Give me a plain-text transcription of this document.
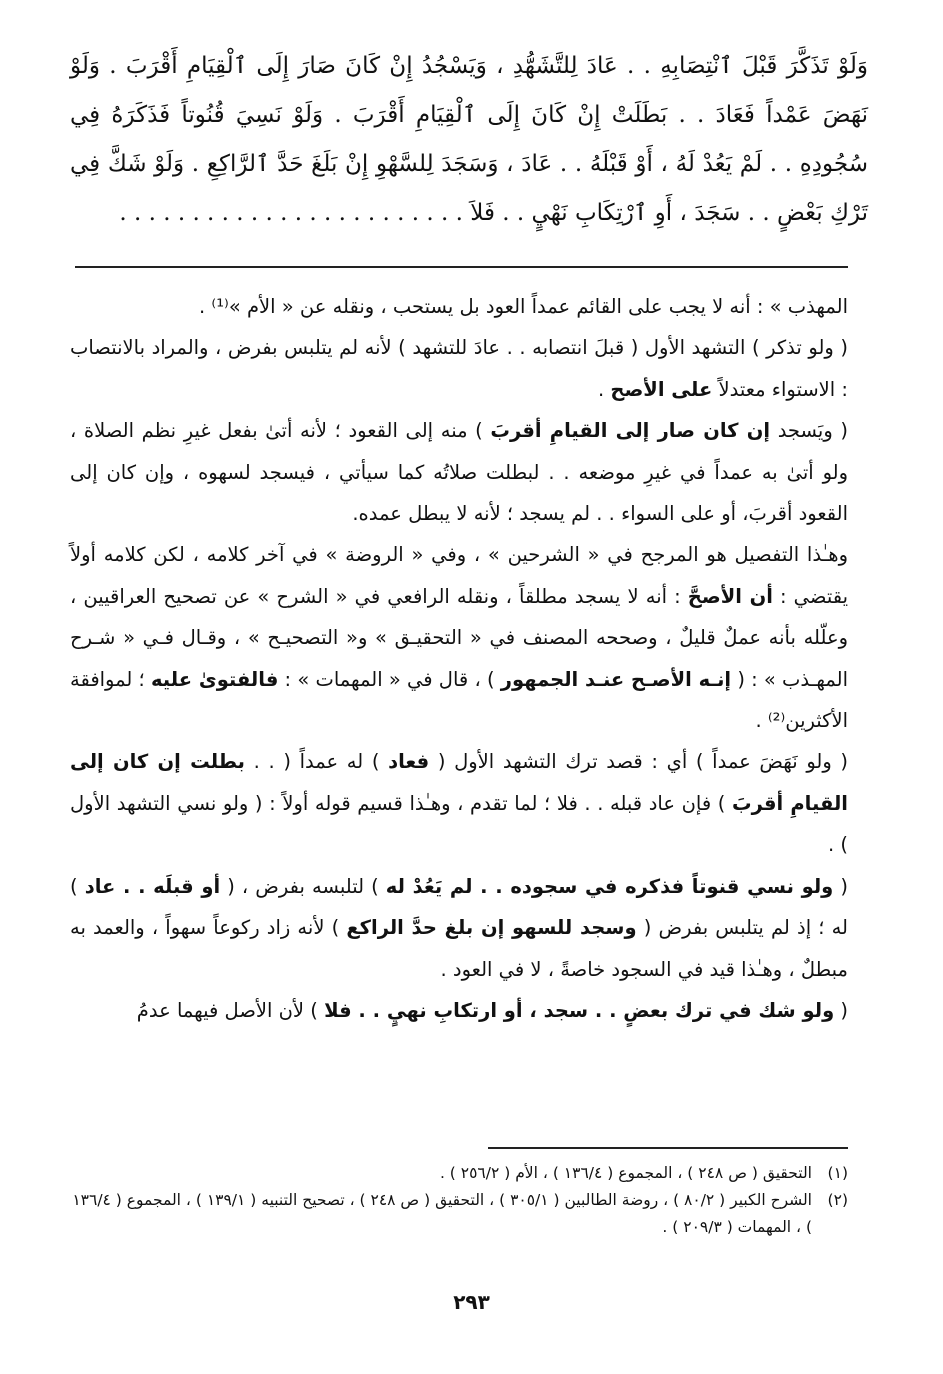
وَلَوْ تَذَكَّرَ قَبْلَ ٱنْتِصَابِهِ . . عَادَ لِلتَّشَهُّدِ ، وَيَسْجُدُ إِنْ كَانَ صَارَ إِلَى ٱلْقِيَامِ أَقْرَبَ . وَلَوْ نَهَضَ عَمْداً فَعَادَ . . بَطَلَتْ إِنْ كَانَ إِلَى ٱلْقِيَامِ أَقْرَبَ . وَلَوْ نَسِيَ قُنُوتاً فَذَكَرَهُ فِي سُجُودِهِ . . لَمْ يَعُدْ لَهُ ، أَوْ قَبْلَهُ . . عَادَ ، وَسَجَدَ لِلسَّهْوِ إِنْ بَلَغَ حَدَّ ٱلرَّاكِعِ . وَلَوْ شَكَّ فِي تَرْكِ بَعْضٍ . . سَجَدَ ، أَوِ ٱرْتِكَابِ نَهْيٍ . . فَلاَ . . . . . . . . . . . . . . . . . . . . . . . .

المهذب » : أنه لا يجب على القائم عمداً العود بل يستحب ، ونقله عن « الأم »⁽¹⁾ .

( ولو تذكر ) التشهد الأول ( قبلَ انتصابه . . عادَ للتشهد ) لأنه لم يتلبس بفرض ، والمراد بالانتصاب : الاستواء معتدلاً على الأصح .

( ويَسجد إن كان صار إلى القيامِ أقربَ ) منه إلى القعود ؛ لأنه أتىٰ بفعل غيرِ نظم الصلاة ، ولو أتىٰ به عمداً في غيرِ موضعه . . لبطلت صلاتُه كما سيأتي ، فيسجد لسهوه ، وإن كان إلى القعود أقربَ، أو على السواء . . لم يسجد ؛ لأنه لا يبطل عمده.

وهـٰذا التفصيل هو المرجح في « الشرحين » ، وفي « الروضة » في آخر كلامه ، لكن كلامه أولاً يقتضي : أن الأصحَّ : أنه لا يسجد مطلقاً ، ونقله الرافعي في « الشرح » عن تصحيح العراقيين ، وعلّله بأنه عملٌ قليلٌ ، وصححه المصنف في « التحقيـق » و« التصحيـح » ، وقـال فـي « شـرح المهـذب » : ( إنـه الأصـح عنـد الجمهور ) ، قال في « المهمات » : فالفتوىٰ عليه ؛ لموافقة الأكثرين⁽²⁾ .

( ولو نَهَضَ عمداً ) أي : قصد ترك التشهد الأول ( فعاد ) له عمداً ( . . بطلت إن كان إلى القيامِ أقربَ ) فإن عاد قبله . . فلا ؛ لما تقدم ، وهـٰذا قسيم قوله أولاً : ( ولو نسي التشهد الأول ) .

( ولو نسي قنوتاً فذكره في سجوده . . لم يَعُدْ له ) لتلبسه بفرض ، ( أو قبلَه . . عاد ) له ؛ إذ لم يتلبس بفرض ( وسجد للسهو إن بلغ حدَّ الراكع ) لأنه زاد ركوعاً سهواً ، والعمد به مبطلٌ ، وهـٰذا قيد في السجود خاصةً ، لا في العود .

( ولو شك في ترك بعضٍ . . سجد ، أو ارتكابِ نهيٍ . . فلا ) لأن الأصل فيهما عدمُ

(١)
التحقيق ( ص ٢٤٨ ) ، المجموع ( ١٣٦/٤ ) ، الأم ( ٢٥٦/٢ ) .
(٢)
الشرح الكبير ( ٨٠/٢ ) ، روضة الطالبين ( ٣٠٥/١ ) ، التحقيق ( ص ٢٤٨ ) ، تصحيح التنبيه ( ١٣٩/١ ) ، المجموع ( ١٣٦/٤ ) ، المهمات ( ٢٠٩/٣ ) .
٢٩٣
